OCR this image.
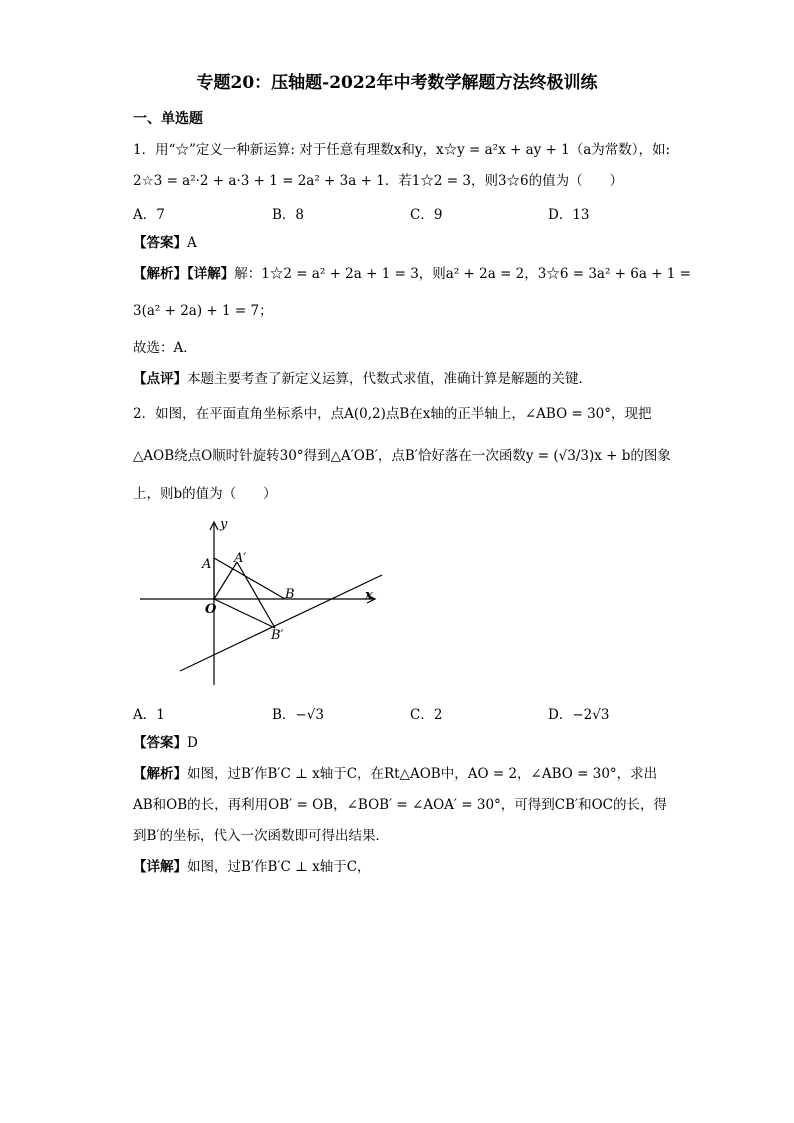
专题20：压轴题-2022年中考数学解题方法终极训练
一、单选题
1．用“☆”定义一种新运算: 对于任意有理数x和y，x☆y = a²x + ay + 1（a为常数），如:
2☆3 = a²·2 + a·3 + 1 = 2a² + 3a + 1．若1☆2 = 3，则3☆6的值为（　　）
A．7	B．8	C．9	D．13
【答案】A
【解析】【详解】解：1☆2 = a² + 2a + 1 = 3，则a² + 2a = 2，3☆6 = 3a² + 6a + 1 =
3(a² + 2a) + 1 = 7；
故选：A．
【点评】本题主要考查了新定义运算，代数式求值，准确计算是解题的关键．
2．如图，在平面直角坐标系中，点A(0,2)点B在x轴的正半轴上，∠ABO = 30°，现把
△AOB绕点O顺时针旋转30°得到△A′OB′，点B′恰好落在一次函数y = (√3/3)x + b的图象
上，则b的值为（　　）
y
x
A A′
B
O
B′
A．1	B．−√3	C．2	D．−2√3
【答案】D
【解析】如图，过B′作B′C ⊥ x轴于C，在Rt△AOB中，AO = 2，∠ABO = 30°，求出
AB和OB的长，再利用OB′ = OB，∠BOB′ = ∠AOA′ = 30°，可得到CB′和OC的长，得
到B′的坐标，代入一次函数即可得出结果．
【详解】如图，过B′作B′C ⊥ x轴于C，
